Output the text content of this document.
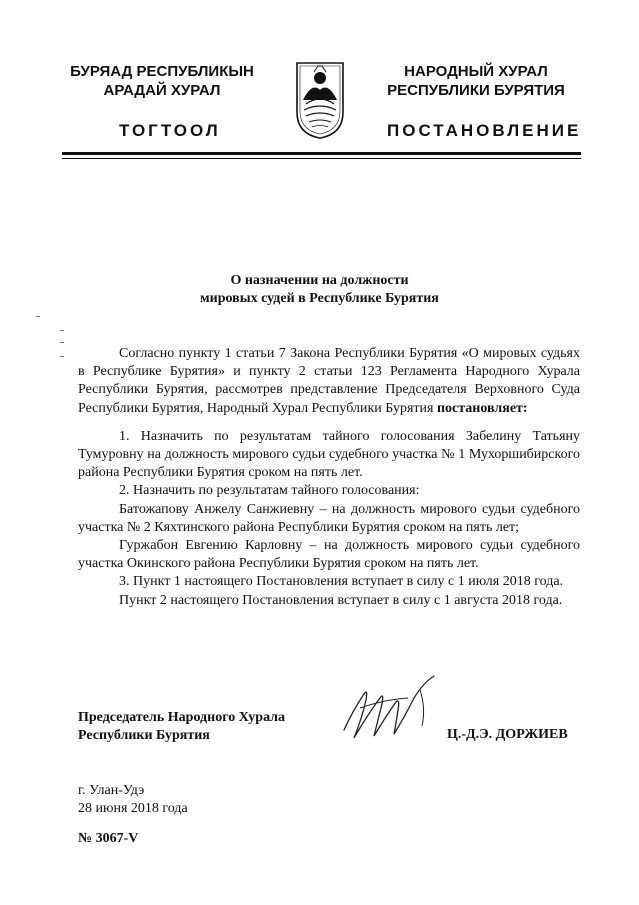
БУРЯАД РЕСПУБЛИКЫН
АРАДАЙ ХУРАЛ
ТОГТООЛ
НАРОДНЫЙ ХУРАЛ
РЕСПУБЛИКИ БУРЯТИЯ
ПОСТАНОВЛЕНИЕ
О назначении на должности
мировых судей в Республике Бурятия

Согласно пункту 1 статьи 7 Закона Республики Бурятия «О мировых судьях в Республике Бурятия» и пункту 2 статьи 123 Регламента Народного Хурала Республики Бурятия, рассмотрев представление Председателя Верховного Суда Республики Бурятия, Народный Хурал Республики Бурятия постановляет:

1. Назначить по результатам тайного голосования Забелину Татьяну Тумуровну на должность мирового судьи судебного участка № 1 Мухоршибирского района Республики Бурятия сроком на пять лет.

2. Назначить по результатам тайного голосования:

Батожапову Анжелу Санжиевну – на должность мирового судьи судебного участка № 2 Кяхтинского района Республики Бурятия сроком на пять лет;

Гуржабон Евгению Карловну – на должность мирового судьи судебного участка Окинского района Республики Бурятия сроком на пять лет.

3. Пункт 1 настоящего Постановления вступает в силу с 1 июля 2018 года.

Пункт 2 настоящего Постановления вступает в силу с 1 августа 2018 года.

Председатель Народного Хурала
Республики Бурятия	Ц.-Д.Э. ДОРЖИЕВ
г. Улан-Удэ
28 июня 2018 года
№ 3067-V
